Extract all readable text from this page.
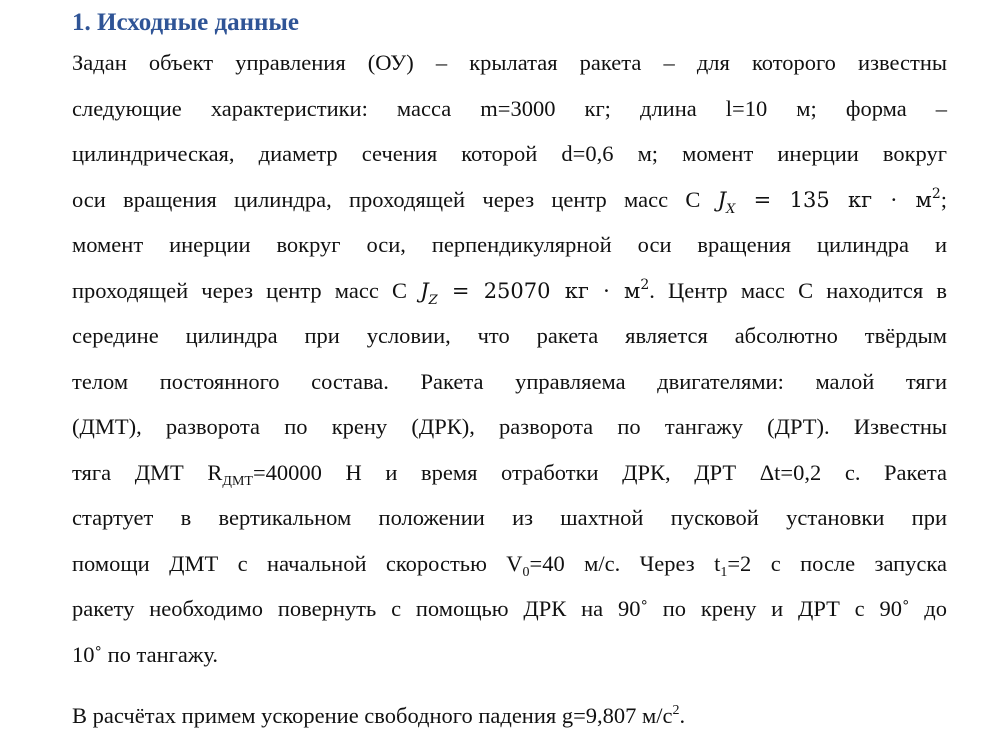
1. Исходные данные
Задан объект управления (ОУ) – крылатая ракета – для которого известны
следующие характеристики: масса m=3000 кг; длина l=10 м; форма –
цилиндрическая, диаметр сечения которой d=0,6 м; момент инерции вокруг
оси вращения цилиндра, проходящей через центр масс С $J_X = 135$ кг · $м^2$;
момент инерции вокруг оси, перпендикулярной оси вращения цилиндра и
проходящей через центр масс С $J_Z = 25070$ кг · $м^2$. Центр масс С находится в
середине цилиндра при условии, что ракета является абсолютно твёрдым
телом постоянного состава. Ракета управляема двигателями: малой тяги
(ДМТ), разворота по крену (ДРК), разворота по тангажу (ДРТ). Известны
тяга ДМТ $R_{ДМТ}=40000$ Н и время отработки ДРК, ДРТ Δt=0,2 с. Ракета
стартует в вертикальном положении из шахтной пусковой установки при
помощи ДМТ с начальной скоростью $V_0=40$ м/с. Через $t_1=2$ с после запуска
ракету необходимо повернуть с помощью ДРК на 90˚ по крену и ДРТ с 90˚ до
10˚ по тангажу.
В расчётах примем ускорение свободного падения g=9,807 $м/с^2$.
